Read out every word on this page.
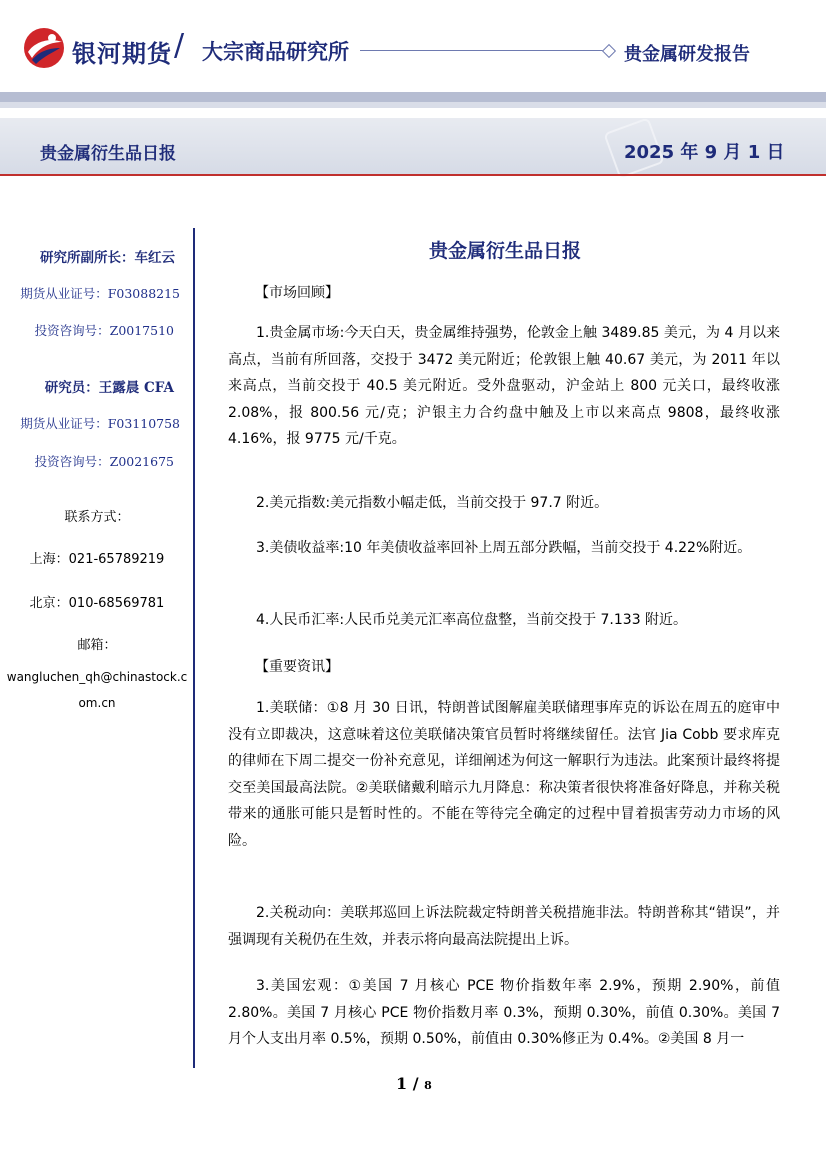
银河期货 / 大宗商品研究所	贵金属研发报告
贵金属衍生品日报	2025 年 9 月 1 日
研究所副所长：车红云
期货从业证号：F03088215
投资咨询号：Z0017510
研究员：王露晨 CFA
期货从业证号：F03110758
投资咨询号：Z0021675
联系方式：
上海：021-65789219
北京：010-68569781
邮箱：
wangluchen_qh@chinastock.com.cn
贵金属衍生品日报
【市场回顾】
1.贵金属市场:今天白天，贵金属维持强势，伦敦金上触 3489.85 美元，为 4 月以来高点，当前有所回落，交投于 3472 美元附近；伦敦银上触 40.67 美元，为 2011 年以来高点，当前交投于 40.5 美元附近。受外盘驱动，沪金站上 800 元关口，最终收涨 2.08%，报 800.56 元/克；沪银主力合约盘中触及上市以来高点 9808，最终收涨 4.16%，报 9775 元/千克。
2.美元指数:美元指数小幅走低，当前交投于 97.7 附近。
3.美债收益率:10 年美债收益率回补上周五部分跌幅，当前交投于 4.22%附近。
4.人民币汇率:人民币兑美元汇率高位盘整，当前交投于 7.133 附近。
【重要资讯】
1.美联储：①8 月 30 日讯，特朗普试图解雇美联储理事库克的诉讼在周五的庭审中没有立即裁决，这意味着这位美联储决策官员暂时将继续留任。法官 Jia Cobb 要求库克的律师在下周二提交一份补充意见，详细阐述为何这一解职行为违法。此案预计最终将提交至美国最高法院。②美联储戴利暗示九月降息：称决策者很快将准备好降息，并称关税带来的通胀可能只是暂时性的。不能在等待完全确定的过程中冒着损害劳动力市场的风险。
2.关税动向：美联邦巡回上诉法院裁定特朗普关税措施非法。特朗普称其“错误”，并强调现有关税仍在生效，并表示将向最高法院提出上诉。
3.美国宏观：①美国 7 月核心 PCE 物价指数年率 2.9%，预期 2.90%，前值 2.80%。美国 7 月核心 PCE 物价指数月率 0.3%，预期 0.30%，前值 0.30%。美国 7 月个人支出月率 0.5%，预期 0.50%，前值由 0.30%修正为 0.4%。②美国 8 月一
1 / 8
